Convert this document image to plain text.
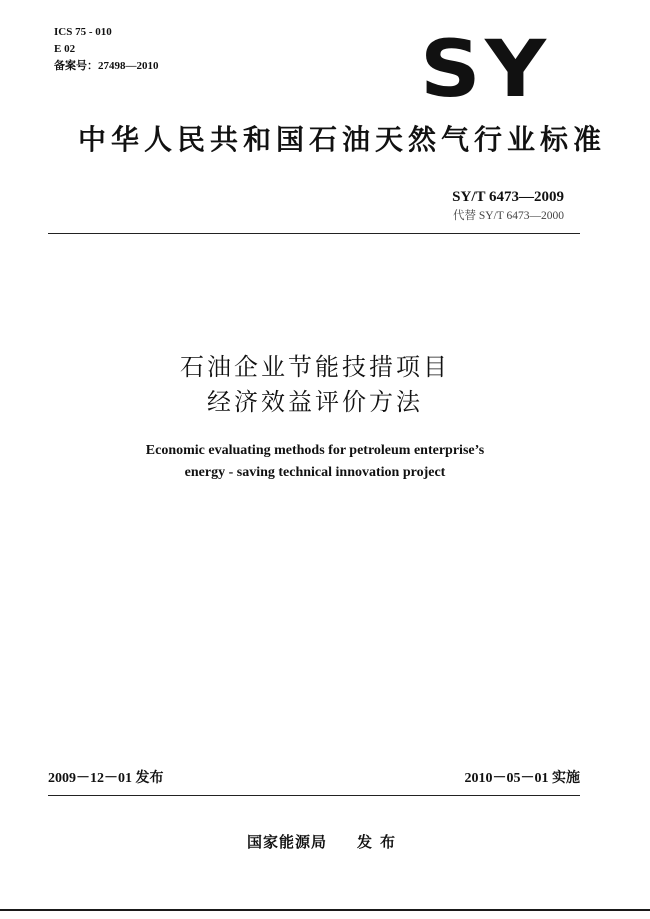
ICS 75 - 010
E 02
备案号：27498—2010	SY
中华人民共和国石油天然气行业标准
SY/T 6473—2009
代替 SY/T 6473—2000
石油企业节能技措项目
经济效益评价方法
Economic evaluating methods for petroleum enterprise’s
energy - saving technical innovation project
2009－12－01 发布	2010－05－01 实施
国家能源局 发布
